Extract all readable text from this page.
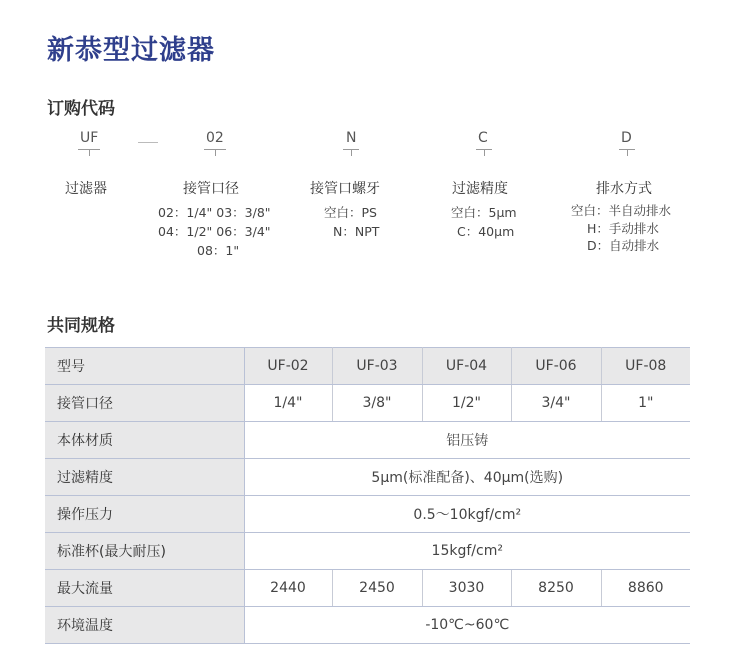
新恭型过滤器
订购代码
UF	02	N	C	D
过滤器	接管口径	接管口螺牙	过滤精度	排水方式
02：1/4" 03：3/8"
04：1/2" 06：3/4"
08：1"
空白：PS
N：NPT
空白：5μm
C：40μm
空白：半自动排水
H：手动排水
D：自动排水
共同规格
型号	UF-02	UF-03	UF-04	UF-06	UF-08
接管口径	1/4"	3/8"	1/2"	3/4"	1"
本体材质	铝压铸				
过滤精度	5μm(标准配备)、40μm(选购)				
操作压力	0.5～10kgf/cm²				
标准杯(最大耐压)	15kgf/cm²				
最大流量	2440	2450	3030	8250	8860
环境温度	-10℃~60℃				
